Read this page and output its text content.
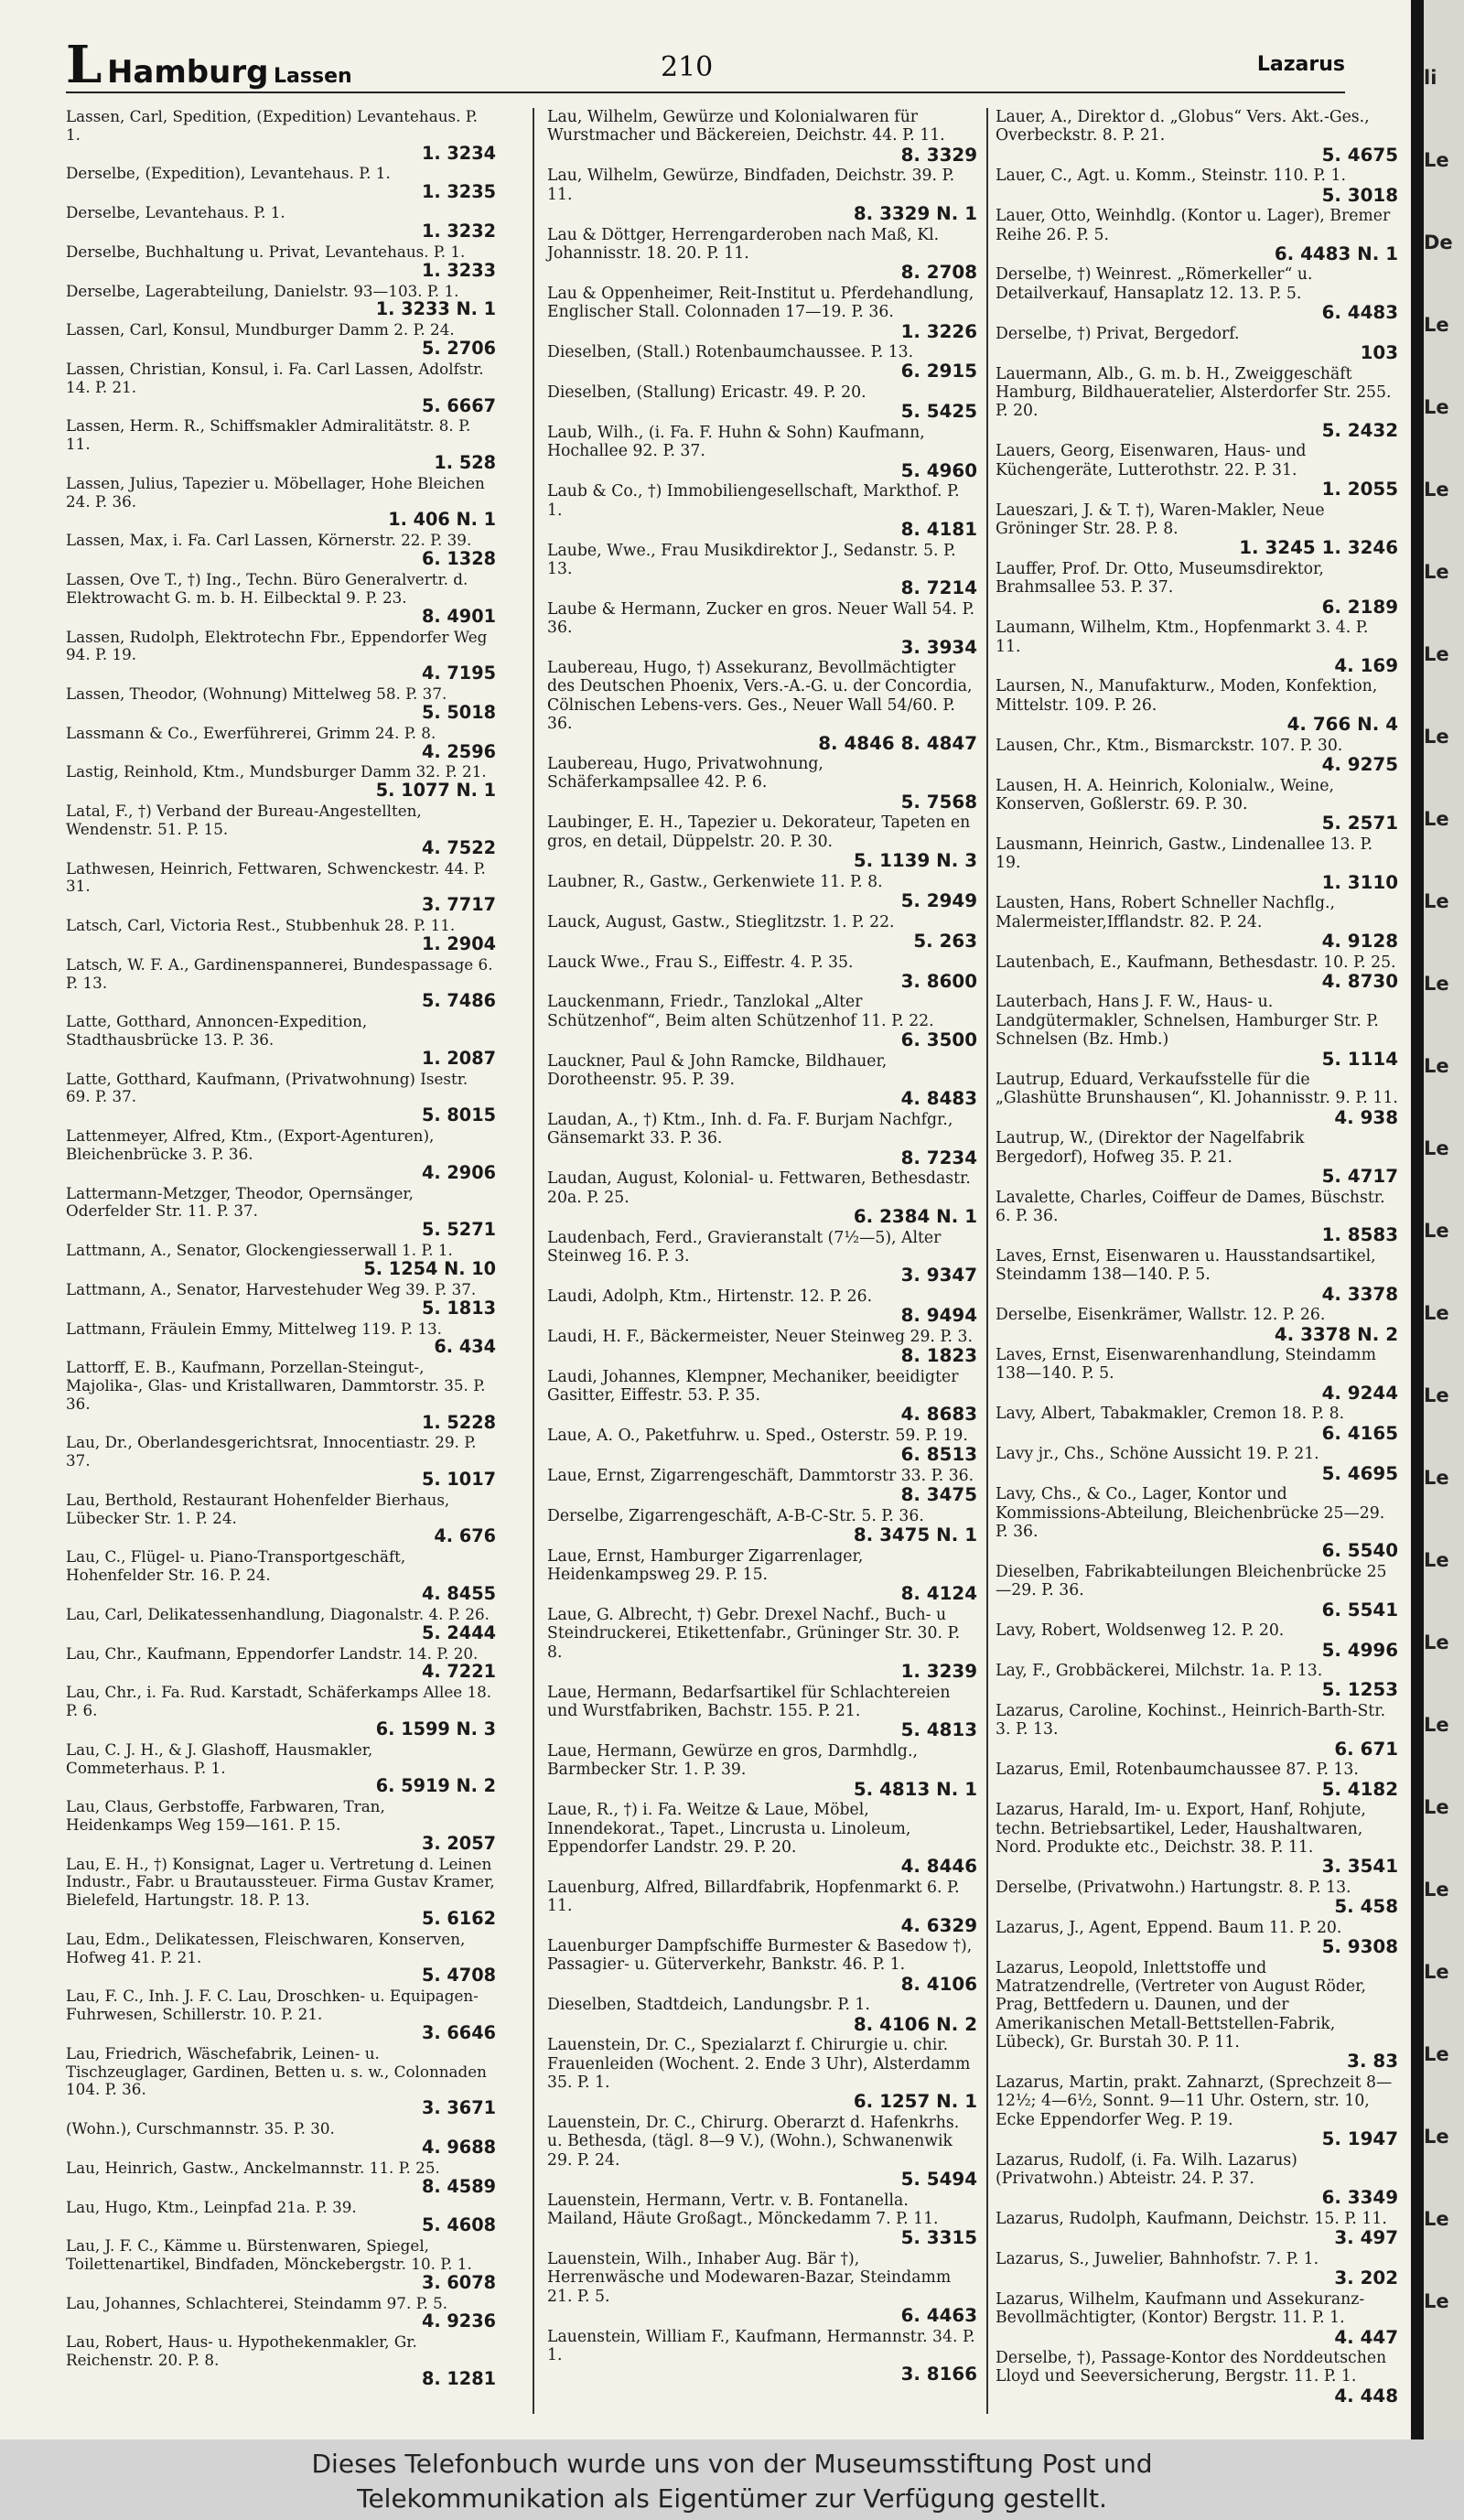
L Hamburg Lassen	210	Lazarus
Lassen, Carl, Spedition, (Expedition) Levantehaus. P. 1.
1. 3234
Derselbe, (Expedition), Levantehaus. P. 1.
1. 3235
Derselbe, Levantehaus. P. 1.
1. 3232
Derselbe, Buchhaltung u. Privat, Levantehaus. P. 1.
1. 3233
Derselbe, Lagerabteilung, Danielstr. 93—103. P. 1.
1. 3233 N. 1
Lassen, Carl, Konsul, Mundburger Damm 2. P. 24.
5. 2706
Lassen, Christian, Konsul, i. Fa. Carl Lassen, Adolfstr. 14. P. 21.
5. 6667
Lassen, Herm. R., Schiffsmakler Admiralitätstr. 8. P. 11.
1. 528
Lassen, Julius, Tapezier u. Möbellager, Hohe Bleichen 24. P. 36.
1. 406 N. 1
Lassen, Max, i. Fa. Carl Lassen, Körnerstr. 22. P. 39.
6. 1328
Lassen, Ove T., †) Ing., Techn. Büro Generalvertr. d. Elektrowacht G. m. b. H. Eilbecktal 9. P. 23.
8. 4901
Lassen, Rudolph, Elektrotechn Fbr., Eppendorfer Weg 94. P. 19.
4. 7195
Lassen, Theodor, (Wohnung) Mittelweg 58. P. 37.
5. 5018
Lassmann & Co., Ewerführerei, Grimm 24. P. 8.
4. 2596
Lastig, Reinhold, Ktm., Mundsburger Damm 32. P. 21.
5. 1077 N. 1
Latal, F., †) Verband der Bureau-Angestellten, Wendenstr. 51. P. 15.
4. 7522
Lathwesen, Heinrich, Fettwaren, Schwenckestr. 44. P. 31.
3. 7717
Latsch, Carl, Victoria Rest., Stubbenhuk 28. P. 11.
1. 2904
Latsch, W. F. A., Gardinenspannerei, Bundespassage 6. P. 13.
5. 7486
Latte, Gotthard, Annoncen-Expedition, Stadthausbrücke 13. P. 36.
1. 2087
Latte, Gotthard, Kaufmann, (Privatwohnung) Isestr. 69. P. 37.
5. 8015
Lattenmeyer, Alfred, Ktm., (Export-Agenturen), Bleichenbrücke 3. P. 36.
4. 2906
Lattermann-Metzger, Theodor, Opernsänger, Oderfelder Str. 11. P. 37.
5. 5271
Lattmann, A., Senator, Glockengiesserwall 1. P. 1.
5. 1254 N. 10
Lattmann, A., Senator, Harvestehuder Weg 39. P. 37.
5. 1813
Lattmann, Fräulein Emmy, Mittelweg 119. P. 13.
6. 434
Lattorff, E. B., Kaufmann, Porzellan-Steingut-, Majolika-, Glas- und Kristallwaren, Dammtorstr. 35. P. 36.
1. 5228
Lau, Dr., Oberlandesgerichtsrat, Innocentiastr. 29. P. 37.
5. 1017
Lau, Berthold, Restaurant Hohenfelder Bierhaus, Lübecker Str. 1. P. 24.
4. 676
Lau, C., Flügel- u. Piano-Transportgeschäft, Hohenfelder Str. 16. P. 24.
4. 8455
Lau, Carl, Delikatessenhandlung, Diagonalstr. 4. P. 26.
5. 2444
Lau, Chr., Kaufmann, Eppendorfer Landstr. 14. P. 20.
4. 7221
Lau, Chr., i. Fa. Rud. Karstadt, Schäferkamps Allee 18. P. 6.
6. 1599 N. 3
Lau, C. J. H., & J. Glashoff, Hausmakler, Commeterhaus. P. 1.
6. 5919 N. 2
Lau, Claus, Gerbstoffe, Farbwaren, Tran, Heidenkamps Weg 159—161. P. 15.
3. 2057
Lau, E. H., †) Konsignat, Lager u. Vertretung d. Leinen Industr., Fabr. u Brautaussteuer. Firma Gustav Kramer, Bielefeld, Hartungstr. 18. P. 13.
5. 6162
Lau, Edm., Delikatessen, Fleischwaren, Konserven, Hofweg 41. P. 21.
5. 4708
Lau, F. C., Inh. J. F. C. Lau, Droschken- u. Equipagen-Fuhrwesen, Schillerstr. 10. P. 21.
3. 6646
Lau, Friedrich, Wäschefabrik, Leinen- u. Tischzeuglager, Gardinen, Betten u. s. w., Colonnaden 104. P. 36.
3. 3671
(Wohn.), Curschmannstr. 35. P. 30.
4. 9688
Lau, Heinrich, Gastw., Anckelmannstr. 11. P. 25.
8. 4589
Lau, Hugo, Ktm., Leinpfad 21a. P. 39.
5. 4608
Lau, J. F. C., Kämme u. Bürstenwaren, Spiegel, Toilettenartikel, Bindfaden, Mönckebergstr. 10. P. 1.
3. 6078
Lau, Johannes, Schlachterei, Steindamm 97. P. 5.
4. 9236
Lau, Robert, Haus- u. Hypothekenmakler, Gr. Reichenstr. 20. P. 8.
8. 1281
Lau, Wilhelm, Gewürze und Kolonialwaren für Wurstmacher und Bäckereien, Deichstr. 44. P. 11.
8. 3329
Lau, Wilhelm, Gewürze, Bindfaden, Deichstr. 39. P. 11.
8. 3329 N. 1
Lau & Döttger, Herrengarderoben nach Maß, Kl. Johannisstr. 18. 20. P. 11.
8. 2708
Lau & Oppenheimer, Reit-Institut u. Pferdehandlung, Englischer Stall. Colonnaden 17—19. P. 36.
1. 3226
Dieselben, (Stall.) Rotenbaumchaussee. P. 13.
6. 2915
Dieselben, (Stallung) Ericastr. 49. P. 20.
5. 5425
Laub, Wilh., (i. Fa. F. Huhn & Sohn) Kaufmann, Hochallee 92. P. 37.
5. 4960
Laub & Co., †) Immobiliengesellschaft, Markthof. P. 1.
8. 4181
Laube, Wwe., Frau Musikdirektor J., Sedanstr. 5. P. 13.
8. 7214
Laube & Hermann, Zucker en gros. Neuer Wall 54. P. 36.
3. 3934
Laubereau, Hugo, †) Assekuranz, Bevollmächtigter des Deutschen Phoenix, Vers.-A.-G. u. der Concordia, Cölnischen Lebens-vers. Ges., Neuer Wall 54/60. P. 36.
8. 4846 8. 4847
Laubereau, Hugo, Privatwohnung, Schäferkampsallee 42. P. 6.
5. 7568
Laubinger, E. H., Tapezier u. Dekorateur, Tapeten en gros, en detail, Düppelstr. 20. P. 30.
5. 1139 N. 3
Laubner, R., Gastw., Gerkenwiete 11. P. 8.
5. 2949
Lauck, August, Gastw., Stieglitzstr. 1. P. 22.
5. 263
Lauck Wwe., Frau S., Eiffestr. 4. P. 35.
3. 8600
Lauckenmann, Friedr., Tanzlokal „Alter Schützenhof“, Beim alten Schützenhof 11. P. 22.
6. 3500
Lauckner, Paul & John Ramcke, Bildhauer, Dorotheenstr. 95. P. 39.
4. 8483
Laudan, A., †) Ktm., Inh. d. Fa. F. Burjam Nachfgr., Gänsemarkt 33. P. 36.
8. 7234
Laudan, August, Kolonial- u. Fettwaren, Bethesdastr. 20a. P. 25.
6. 2384 N. 1
Laudenbach, Ferd., Gravieranstalt (7½—5), Alter Steinweg 16. P. 3.
3. 9347
Laudi, Adolph, Ktm., Hirtenstr. 12. P. 26.
8. 9494
Laudi, H. F., Bäckermeister, Neuer Steinweg 29. P. 3.
8. 1823
Laudi, Johannes, Klempner, Mechaniker, beeidigter Gasitter, Eiffestr. 53. P. 35.
4. 8683
Laue, A. O., Paketfuhrw. u. Sped., Osterstr. 59. P. 19.
6. 8513
Laue, Ernst, Zigarrengeschäft, Dammtorstr 33. P. 36.
8. 3475
Derselbe, Zigarrengeschäft, A-B-C-Str. 5. P. 36.
8. 3475 N. 1
Laue, Ernst, Hamburger Zigarrenlager, Heidenkampsweg 29. P. 15.
8. 4124
Laue, G. Albrecht, †) Gebr. Drexel Nachf., Buch- u Steindruckerei, Etikettenfabr., Grüninger Str. 30. P. 8.
1. 3239
Laue, Hermann, Bedarfsartikel für Schlachtereien und Wurstfabriken, Bachstr. 155. P. 21.
5. 4813
Laue, Hermann, Gewürze en gros, Darmhdlg., Barmbecker Str. 1. P. 39.
5. 4813 N. 1
Laue, R., †) i. Fa. Weitze & Laue, Möbel, Innendekorat., Tapet., Lincrusta u. Linoleum, Eppendorfer Landstr. 29. P. 20.
4. 8446
Lauenburg, Alfred, Billardfabrik, Hopfenmarkt 6. P. 11.
4. 6329
Lauenburger Dampfschiffe Burmester & Basedow †), Passagier- u. Güterverkehr, Bankstr. 46. P. 1.
8. 4106
Dieselben, Stadtdeich, Landungsbr. P. 1.
8. 4106 N. 2
Lauenstein, Dr. C., Spezialarzt f. Chirurgie u. chir. Frauenleiden (Wochent. 2. Ende 3 Uhr), Alsterdamm 35. P. 1.
6. 1257 N. 1
Lauenstein, Dr. C., Chirurg. Oberarzt d. Hafenkrhs. u. Bethesda, (tägl. 8—9 V.), (Wohn.), Schwanenwik 29. P. 24.
5. 5494
Lauenstein, Hermann, Vertr. v. B. Fontanella. Mailand, Häute Großagt., Mönckedamm 7. P. 11.
5. 3315
Lauenstein, Wilh., Inhaber Aug. Bär †), Herrenwäsche und Modewaren-Bazar, Steindamm 21. P. 5.
6. 4463
Lauenstein, William F., Kaufmann, Hermannstr. 34. P. 1.
3. 8166
Lauer, A., Direktor d. „Globus“ Vers. Akt.-Ges., Overbeckstr. 8. P. 21.
5. 4675
Lauer, C., Agt. u. Komm., Steinstr. 110. P. 1.
5. 3018
Lauer, Otto, Weinhdlg. (Kontor u. Lager), Bremer Reihe 26. P. 5.
6. 4483 N. 1
Derselbe, †) Weinrest. „Römerkeller“ u. Detailverkauf, Hansaplatz 12. 13. P. 5.
6. 4483
Derselbe, †) Privat, Bergedorf.
103
Lauermann, Alb., G. m. b. H., Zweiggeschäft Hamburg, Bildhaueratelier, Alsterdorfer Str. 255. P. 20.
5. 2432
Lauers, Georg, Eisenwaren, Haus- und Küchengeräte, Lutterothstr. 22. P. 31.
1. 2055
Laueszari, J. & T. †), Waren-Makler, Neue Gröninger Str. 28. P. 8.
1. 3245 1. 3246
Lauffer, Prof. Dr. Otto, Museumsdirektor, Brahmsallee 53. P. 37.
6. 2189
Laumann, Wilhelm, Ktm., Hopfenmarkt 3. 4. P. 11.
4. 169
Laursen, N., Manufakturw., Moden, Konfektion, Mittelstr. 109. P. 26.
4. 766 N. 4
Lausen, Chr., Ktm., Bismarckstr. 107. P. 30.
4. 9275
Lausen, H. A. Heinrich, Kolonialw., Weine, Konserven, Goßlerstr. 69. P. 30.
5. 2571
Lausmann, Heinrich, Gastw., Lindenallee 13. P. 19.
1. 3110
Lausten, Hans, Robert Schneller Nachflg., Malermeister,Ifflandstr. 82. P. 24.
4. 9128
Lautenbach, E., Kaufmann, Bethesdastr. 10. P. 25.
4. 8730
Lauterbach, Hans J. F. W., Haus- u. Landgütermakler, Schnelsen, Hamburger Str. P. Schnelsen (Bz. Hmb.)
5. 1114
Lautrup, Eduard, Verkaufsstelle für die „Glashütte Brunshausen“, Kl. Johannisstr. 9. P. 11.
4. 938
Lautrup, W., (Direktor der Nagelfabrik Bergedorf), Hofweg 35. P. 21.
5. 4717
Lavalette, Charles, Coiffeur de Dames, Büschstr. 6. P. 36.
1. 8583
Laves, Ernst, Eisenwaren u. Hausstandsartikel, Steindamm 138—140. P. 5.
4. 3378
Derselbe, Eisenkrämer, Wallstr. 12. P. 26.
4. 3378 N. 2
Laves, Ernst, Eisenwarenhandlung, Steindamm 138—140. P. 5.
4. 9244
Lavy, Albert, Tabakmakler, Cremon 18. P. 8.
6. 4165
Lavy jr., Chs., Schöne Aussicht 19. P. 21.
5. 4695
Lavy, Chs., & Co., Lager, Kontor und Kommissions-Abteilung, Bleichenbrücke 25—29. P. 36.
6. 5540
Dieselben, Fabrikabteilungen Bleichenbrücke 25—29. P. 36.
6. 5541
Lavy, Robert, Woldsenweg 12. P. 20.
5. 4996
Lay, F., Grobbäckerei, Milchstr. 1a. P. 13.
5. 1253
Lazarus, Caroline, Kochinst., Heinrich-Barth-Str. 3. P. 13.
6. 671
Lazarus, Emil, Rotenbaumchaussee 87. P. 13.
5. 4182
Lazarus, Harald, Im- u. Export, Hanf, Rohjute, techn. Betriebsartikel, Leder, Haushaltwaren, Nord. Produkte etc., Deichstr. 38. P. 11.
3. 3541
Derselbe, (Privatwohn.) Hartungstr. 8. P. 13.
5. 458
Lazarus, J., Agent, Eppend. Baum 11. P. 20.
5. 9308
Lazarus, Leopold, Inlettstoffe und Matratzendrelle, (Vertreter von August Röder, Prag, Bettfedern u. Daunen, und der Amerikanischen Metall-Bettstellen-Fabrik, Lübeck), Gr. Burstah 30. P. 11.
3. 83
Lazarus, Martin, prakt. Zahnarzt, (Sprechzeit 8—12½; 4—6½, Sonnt. 9—11 Uhr. Ostern, str. 10, Ecke Eppendorfer Weg. P. 19.
5. 1947
Lazarus, Rudolf, (i. Fa. Wilh. Lazarus) (Privatwohn.) Abteistr. 24. P. 37.
6. 3349
Lazarus, Rudolph, Kaufmann, Deichstr. 15. P. 11.
3. 497
Lazarus, S., Juwelier, Bahnhofstr. 7. P. 1.
3. 202
Lazarus, Wilhelm, Kaufmann und Assekuranz-Bevollmächtigter, (Kontor) Bergstr. 11. P. 1.
4. 447
Derselbe, †), Passage-Kontor des Norddeutschen Lloyd und Seeversicherung, Bergstr. 11. P. 1.
4. 448
li
Le
De
Le
Le
Le
Le
Le
Le
Le
Le
Le
Le
Le
Le
Le
Le
Le
Le
Le
Le
Le
Le
Le
Le
Le
Le
Le
Dieses Telefonbuch wurde uns von der Museumsstiftung Post und
Telekommunikation als Eigentümer zur Verfügung gestellt.
